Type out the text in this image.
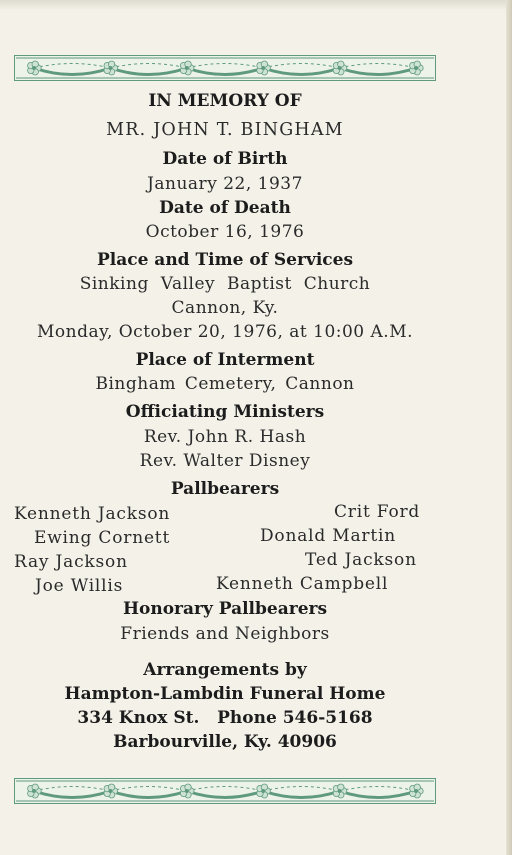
IN MEMORY OF
MR. JOHN T. BINGHAM
Date of Birth
January 22, 1937
Date of Death
October 16, 1976
Place and Time of Services
Sinking Valley Baptist Church
Cannon, Ky.
Monday, October 20, 1976, at 10:00 A.M.
Place of Interment
Bingham Cemetery, Cannon
Officiating Ministers
Rev. John R. Hash
Rev. Walter Disney
Pallbearers
Kenneth Jackson	Crit Ford
Ewing Cornett	Donald Martin
Ray Jackson	Ted Jackson
Joe Willis	Kenneth Campbell
Honorary Pallbearers
Friends and Neighbors
Arrangements by
Hampton-Lambdin Funeral Home
334 Knox St.   Phone 546-5168
Barbourville, Ky. 40906
